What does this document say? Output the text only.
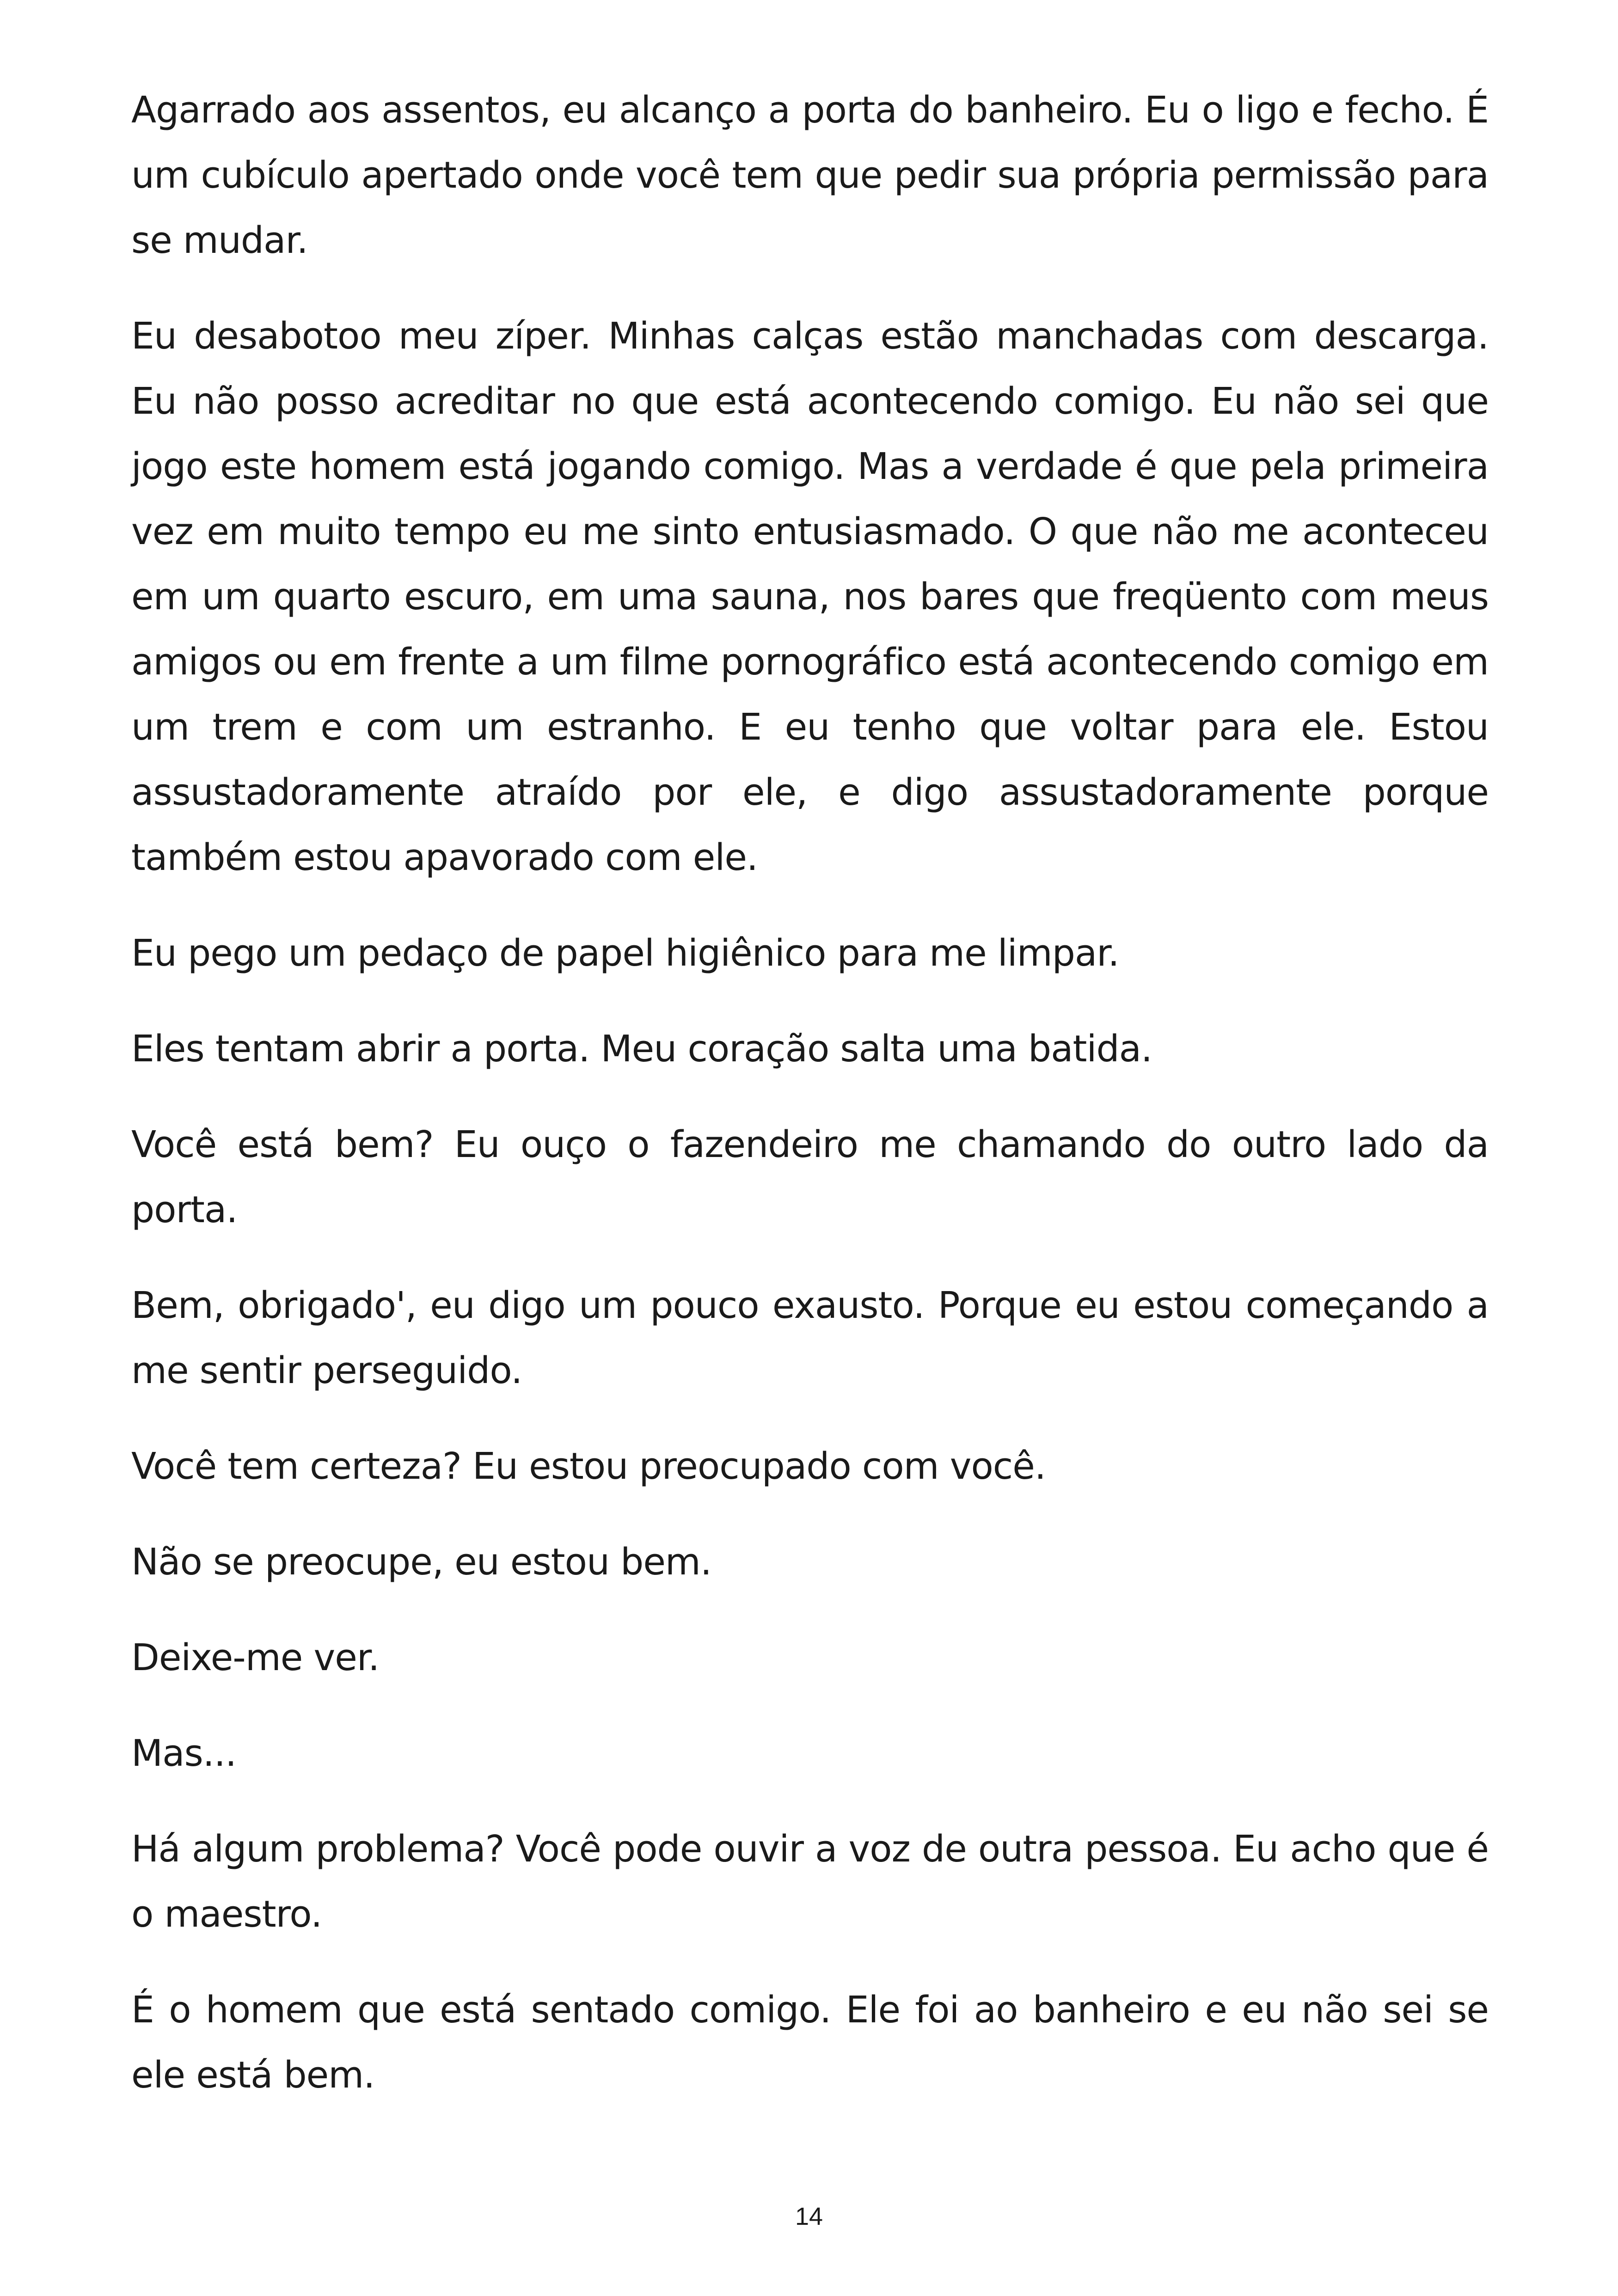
Agarrado aos assentos, eu alcanço a porta do banheiro. Eu o ligo e fecho. É um cubículo apertado onde você tem que pedir sua própria permissão para se mudar.

Eu desabotoo meu zíper. Minhas calças estão manchadas com descarga. Eu não posso acreditar no que está acontecendo comigo. Eu não sei que jogo este homem está jogando comigo. Mas a verdade é que pela primeira vez em muito tempo eu me sinto entusiasmado. O que não me aconteceu em um quarto escuro, em uma sauna, nos bares que freqüento com meus amigos ou em frente a um filme pornográfico está acontecendo comigo em um trem e com um estranho. E eu tenho que voltar para ele. Estou assustadoramente atraído por ele, e digo assustadoramente porque também estou apavorado com ele.

Eu pego um pedaço de papel higiênico para me limpar.

Eles tentam abrir a porta. Meu coração salta uma batida.

Você está bem? Eu ouço o fazendeiro me chamando do outro lado da porta.

Bem, obrigado', eu digo um pouco exausto. Porque eu estou começando a me sentir perseguido.

Você tem certeza? Eu estou preocupado com você.

Não se preocupe, eu estou bem.

Deixe-me ver.

Mas...

Há algum problema? Você pode ouvir a voz de outra pessoa. Eu acho que é o maestro.

É o homem que está sentado comigo. Ele foi ao banheiro e eu não sei se ele está bem.

14
